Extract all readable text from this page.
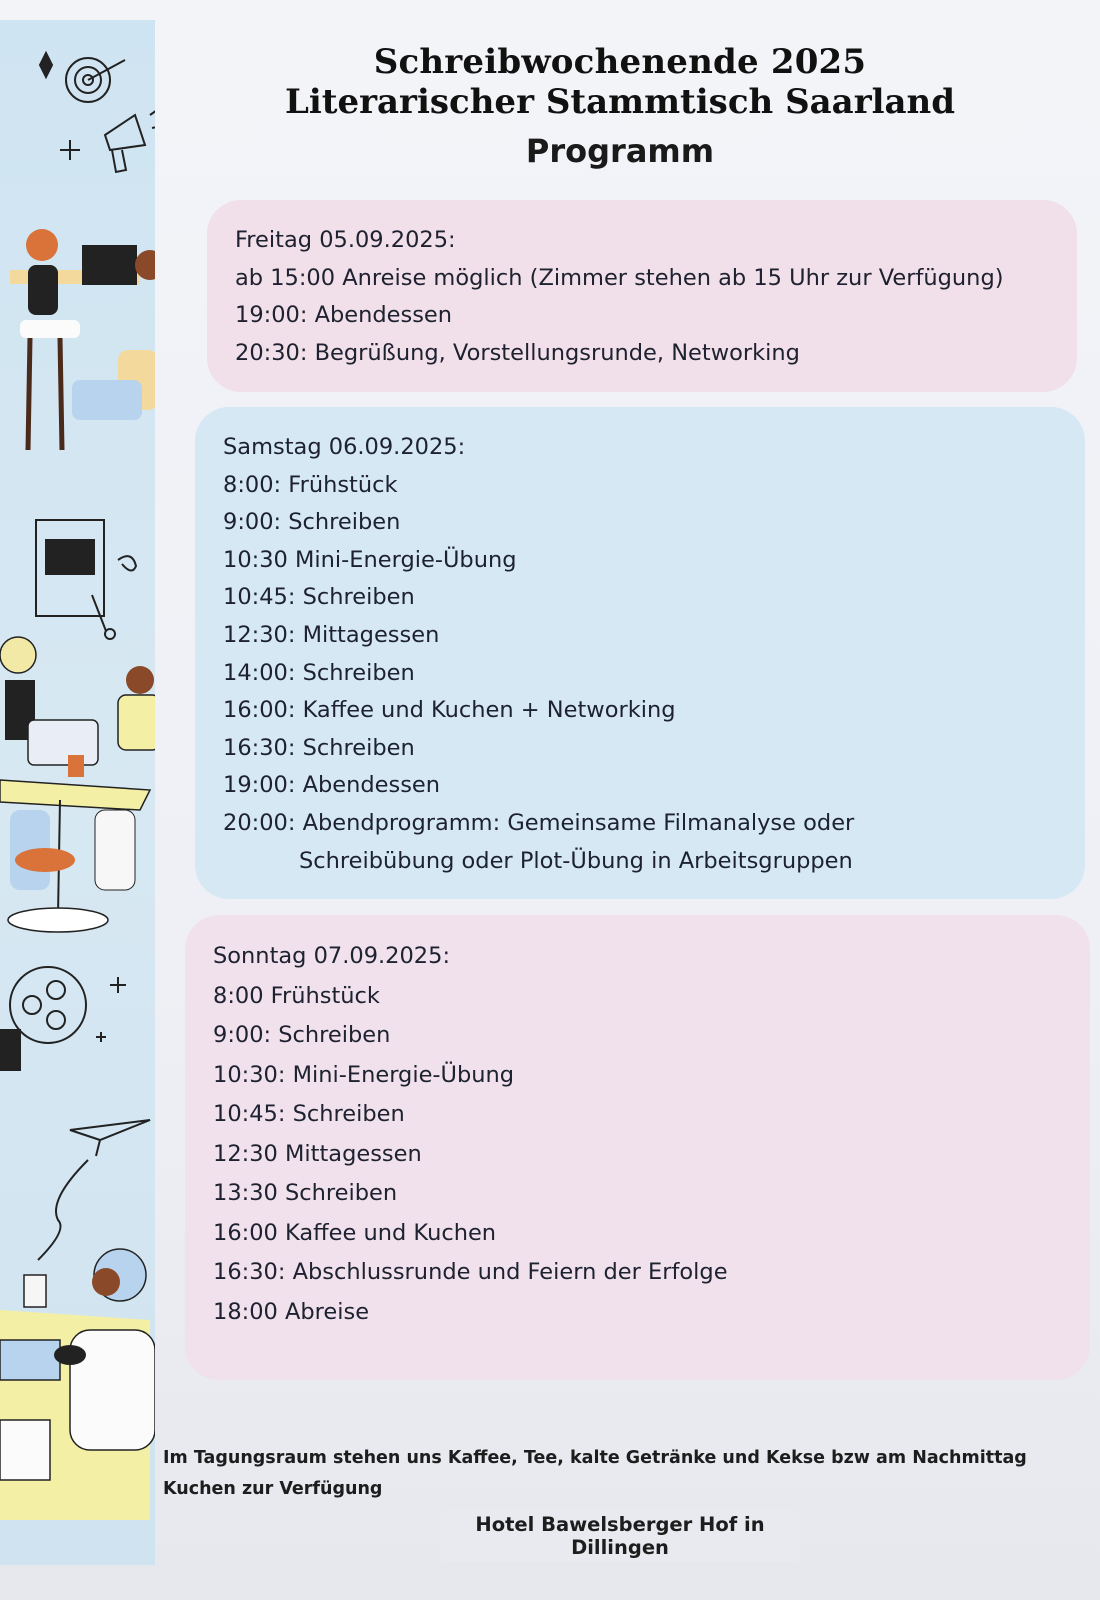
Schreibwochenende 2025
Literarischer Stammtisch Saarland
Programm
Freitag 05.09.2025:
ab 15:00 Anreise möglich (Zimmer stehen ab 15 Uhr zur Verfügung)
19:00: Abendessen
20:30: Begrüßung, Vorstellungsrunde, Networking
Samstag 06.09.2025:
8:00: Frühstück
9:00: Schreiben
10:30 Mini-Energie-Übung
10:45: Schreiben
12:30: Mittagessen
14:00: Schreiben
16:00: Kaffee und Kuchen + Networking
16:30: Schreiben
19:00: Abendessen
20:00: Abendprogramm: Gemeinsame Filmanalyse oder
Schreibübung oder Plot-Übung in Arbeitsgruppen
Sonntag 07.09.2025:
8:00 Frühstück
9:00: Schreiben
10:30: Mini-Energie-Übung
10:45: Schreiben
12:30 Mittagessen
13:30 Schreiben
16:00 Kaffee und Kuchen
16:30: Abschlussrunde und Feiern der Erfolge
18:00 Abreise
Im Tagungsraum stehen uns Kaffee, Tee, kalte Getränke und Kekse bzw am Nachmittag Kuchen zur Verfügung
Hotel Bawelsberger Hof in Dillingen
